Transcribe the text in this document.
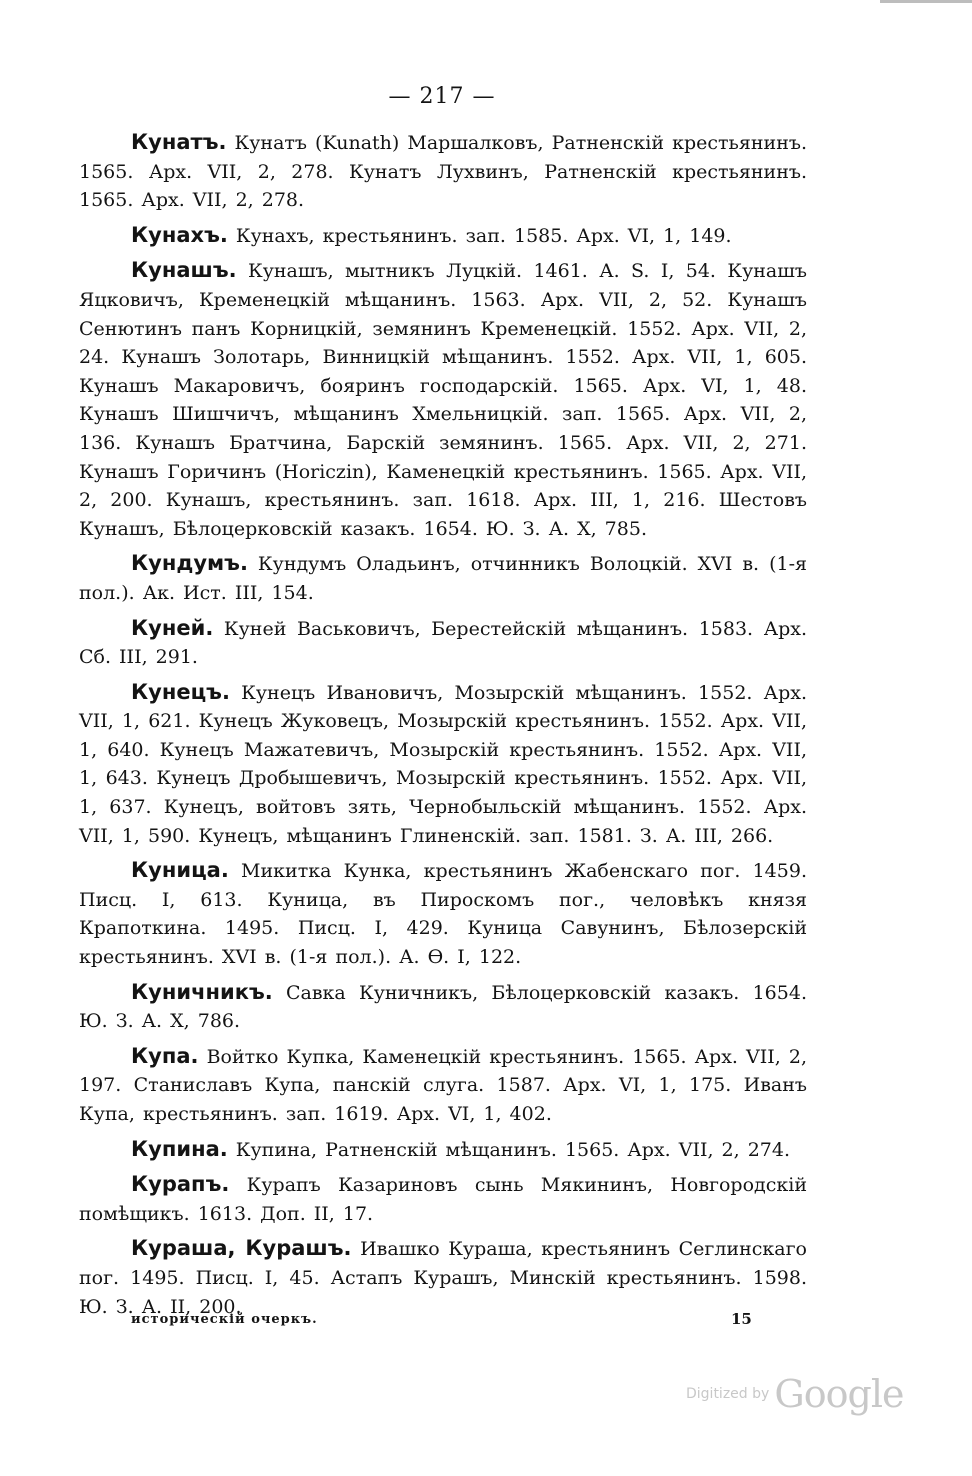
— 217 —

Кунатъ. Кунатъ (Kunath) Маршалковъ, Ратненскій крестьянинъ. 1565. Арх. VII, 2, 278. Кунатъ Лухвинъ, Ратненскій крестьянинъ. 1565. Арх. VII, 2, 278.

Кунахъ. Кунахъ, крестьянинъ. зап. 1585. Арх. VI, 1, 149.

Кунашъ. Кунашъ, мытникъ Луцкій. 1461. А. S. I, 54. Кунашъ Яцковичъ, Кременецкій мѣщанинъ. 1563. Арх. VII, 2, 52. Кунашъ Сенютинъ панъ Корницкій, земянинъ Кременецкій. 1552. Арх. VII, 2, 24. Кунашъ Золотарь, Винницкій мѣщанинъ. 1552. Арх. VII, 1, 605. Кунашъ Макаровичъ, бояринъ господарскій. 1565. Арх. VI, 1, 48. Кунашъ Шишчичъ, мѣщанинъ Хмельницкій. зап. 1565. Арх. VII, 2, 136. Кунашъ Братчина, Барскій земянинъ. 1565. Арх. VII, 2, 271. Кунашъ Горичинъ (Horiczin), Каменецкій крестьянинъ. 1565. Арх. VII, 2, 200. Кунашъ, крестьянинъ. зап. 1618. Арх. III, 1, 216. Шестовъ Кунашъ, Бѣлоцерковскій казакъ. 1654. Ю. З. А. X, 785.

Кундумъ. Кундумъ Оладьинъ, отчинникъ Волоцкій. XVI в. (1-я пол.). Ак. Ист. III, 154.

Куней. Куней Васьковичъ, Берестейскій мѣщанинъ. 1583. Арх. Сб. III, 291.

Кунецъ. Кунецъ Ивановичъ, Мозырскій мѣщанинъ. 1552. Арх. VII, 1, 621. Кунецъ Жуковецъ, Мозырскій крестьянинъ. 1552. Арх. VII, 1, 640. Кунецъ Мажатевичъ, Мозырскій крестьянинъ. 1552. Арх. VII, 1, 643. Кунецъ Дробышевичъ, Мозырскій крестьянинъ. 1552. Арх. VII, 1, 637. Кунецъ, войтовъ зять, Чернобыльскій мѣщанинъ. 1552. Арх. VII, 1, 590. Кунецъ, мѣщанинъ Глиненскій. зап. 1581. З. А. III, 266.

Куница. Микитка Кунка, крестьянинъ Жабенскаго пог. 1459. Писц. I, 613. Куница, въ Пироскомъ пог., человѣкъ князя Крапоткина. 1495. Писц. I, 429. Куница Савунинъ, Бѣлозерскій крестьянинъ. XVI в. (1-я пол.). А. Ѳ. I, 122.

Куничникъ. Савка Куничникъ, Бѣлоцерковскій казакъ. 1654. Ю. З. А. X, 786.

Купа. Войтко Купка, Каменецкій крестьянинъ. 1565. Арх. VII, 2, 197. Станиславъ Купа, панскій слуга. 1587. Арх. VI, 1, 175. Иванъ Купа, крестьянинъ. зап. 1619. Арх. VI, 1, 402.

Купина. Купина, Ратненскій мѣщанинъ. 1565. Арх. VII, 2, 274.

Курапъ. Курапъ Казариновъ сынь Мякининъ, Новгородскій помѣщикъ. 1613. Доп. II, 17.

Кураша, Курашъ. Ивашко Кураша, крестьянинъ Сеглинскаго пог. 1495. Писц. I, 45. Астапъ Курашъ, Минскій крестьянинъ. 1598. Ю. З. А. II, 200.

историческій очеркъ.	15
Digitized by Google
